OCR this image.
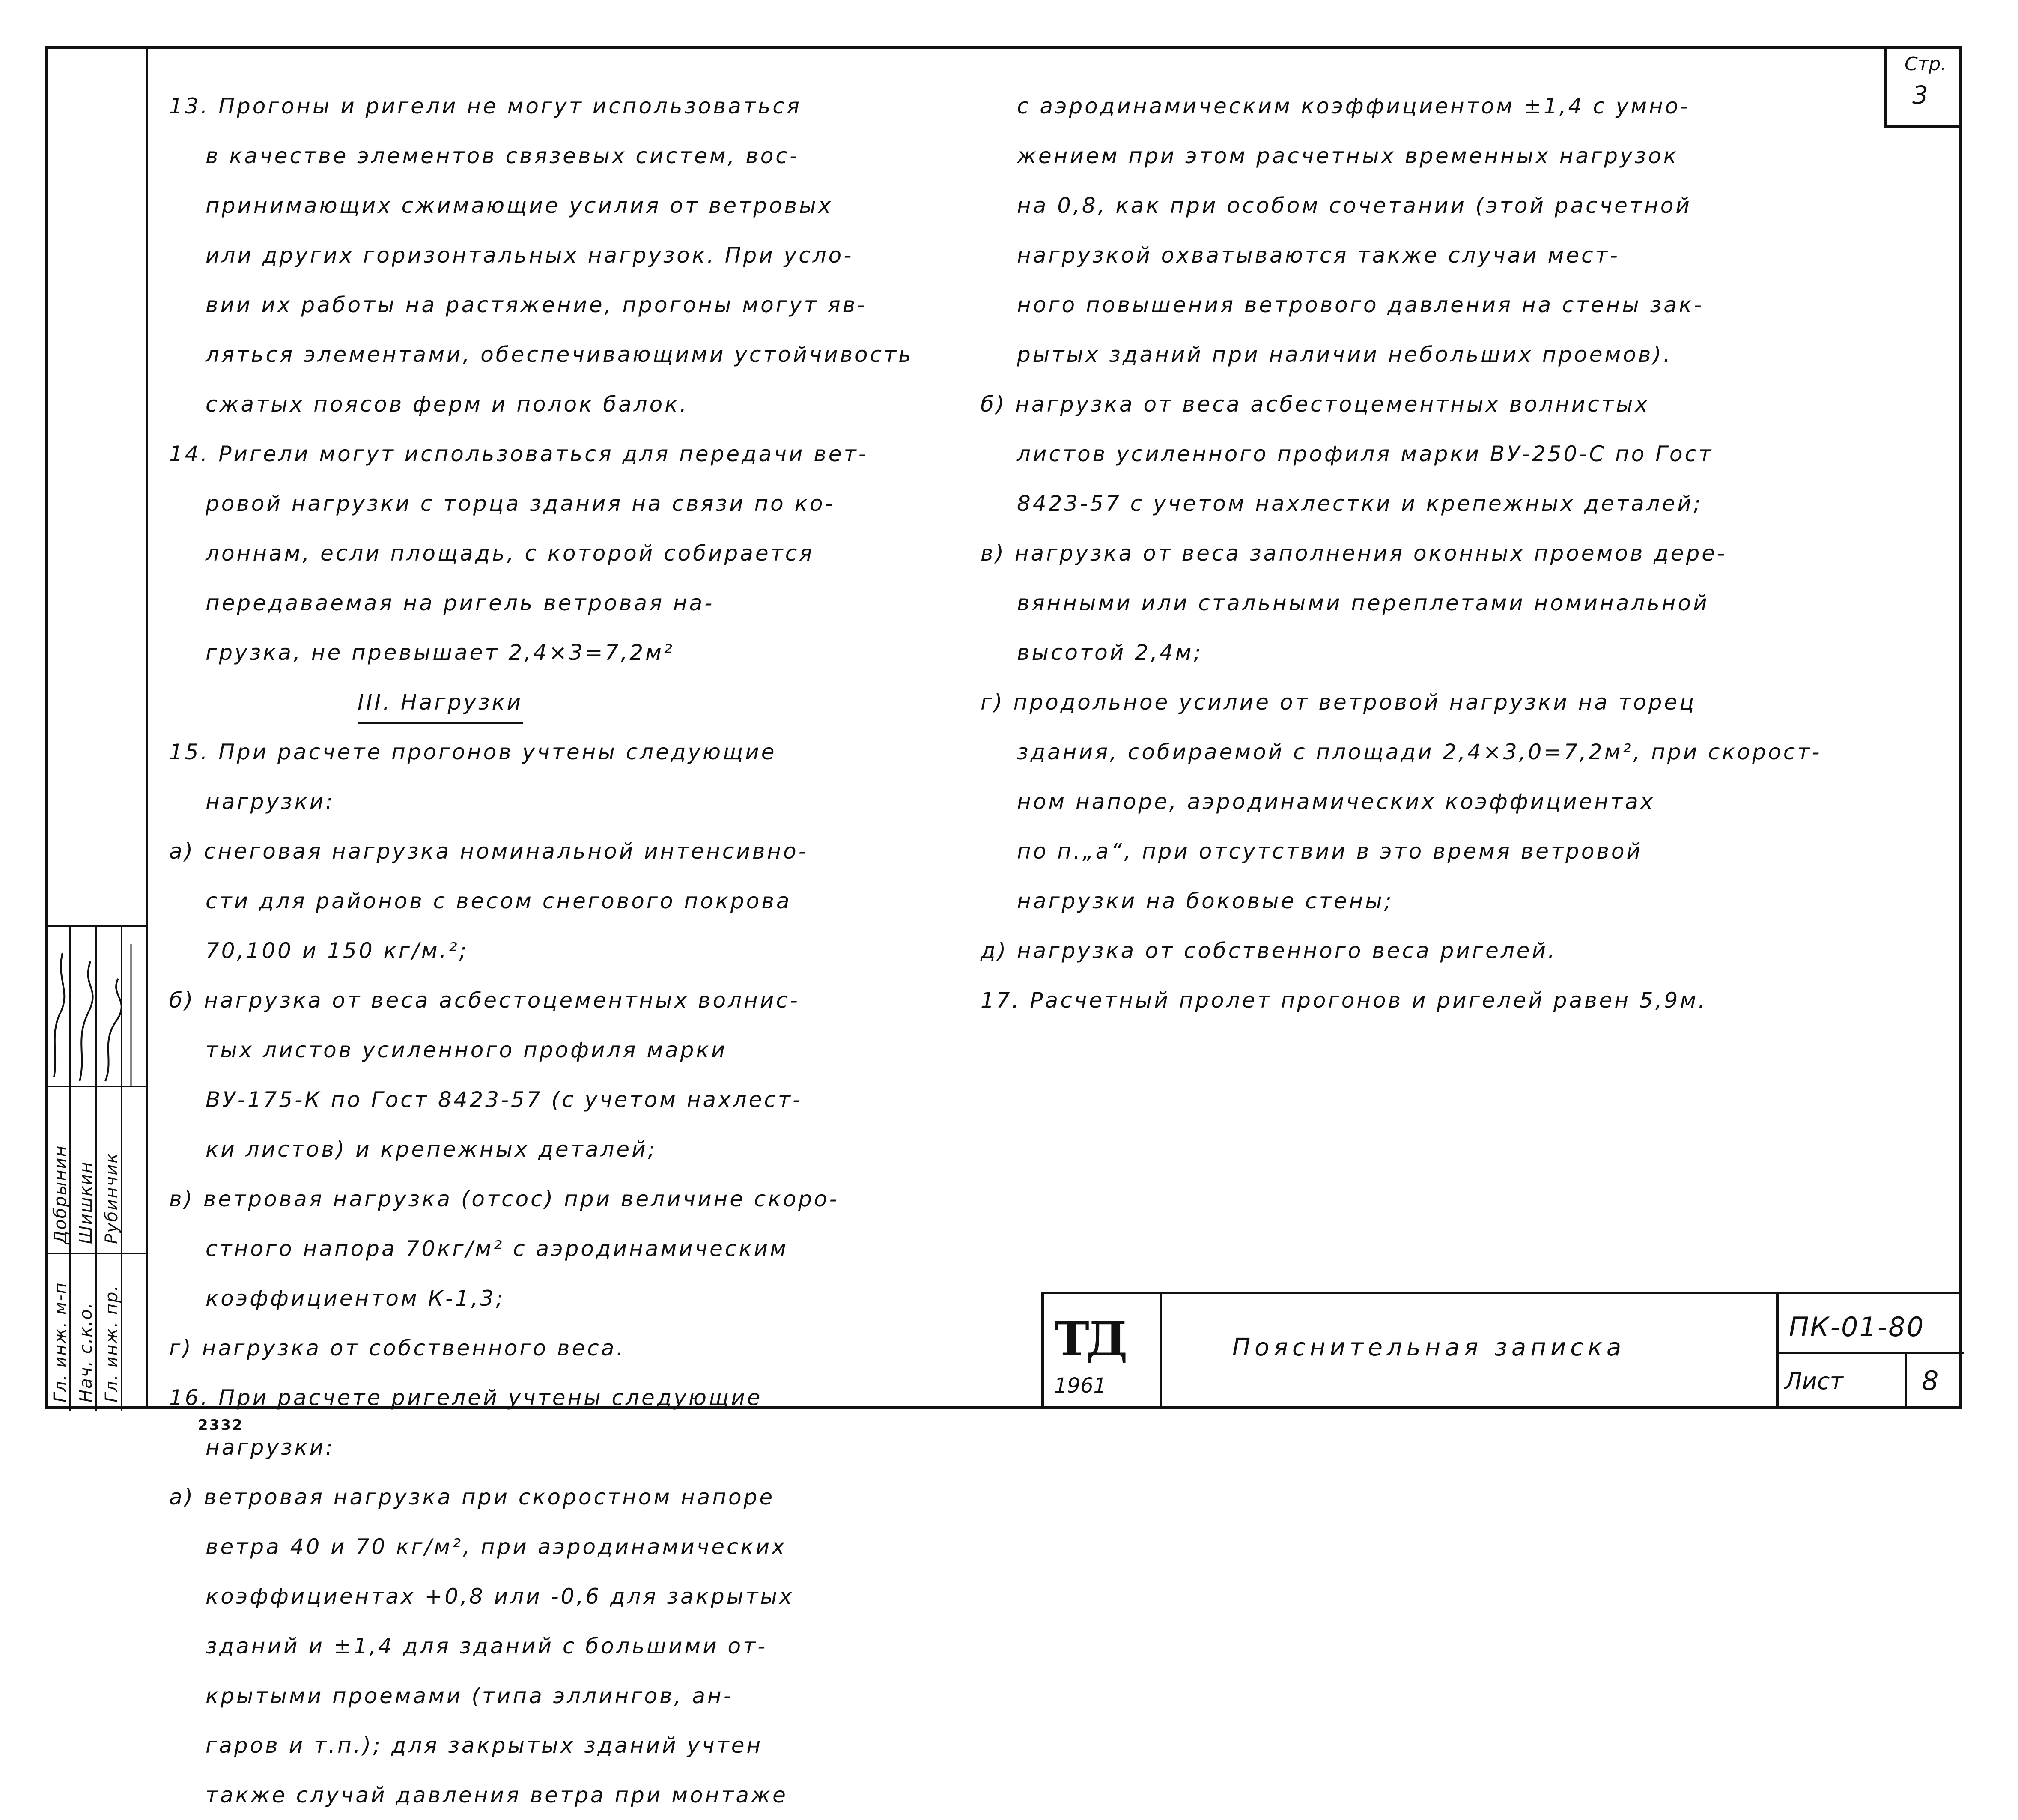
Стр.
3
13. Прогоны и ригели не могут использоваться
в качестве элементов связевых систем, вос-
принимающих сжимающие усилия от ветровых
или других горизонтальных нагрузок. При усло-
вии их работы на растяжение, прогоны могут яв-
ляться элементами, обеспечивающими устойчивость
сжатых поясов ферм и полок балок.
14. Ригели могут использоваться для передачи вет-
ровой нагрузки с торца здания на связи по ко-
лоннам, если площадь, с которой собирается
передаваемая на ригель ветровая на-
грузка, не превышает 2,4×3=7,2м²
III. Нагрузки
15. При расчете прогонов учтены следующие
нагрузки:
а) снеговая нагрузка номинальной интенсивно-
сти для районов с весом снегового покрова
70,100 и 150 кг/м.²;
б) нагрузка от веса асбестоцементных волнис-
тых листов усиленного профиля марки
ВУ-175-К по Гост 8423-57 (с учетом нахлест-
ки листов) и крепежных деталей;
в) ветровая нагрузка (отсос) при величине скоро-
стного напора 70кг/м² с аэродинамическим
коэффициентом К-1,3;
г) нагрузка от собственного веса.
16. При расчете ригелей учтены следующие
нагрузки:
а) ветровая нагрузка при скоростном напоре
ветра 40 и 70 кг/м², при аэродинамических
коэффициентах +0,8 или -0,6 для закрытых
зданий и ±1,4 для зданий с большими от-
крытыми проемами (типа эллингов, ан-
гаров и т.п.); для закрытых зданий учтен
также случай давления ветра при монтаже
с аэродинамическим коэффициентом ±1,4 с умно-
жением при этом расчетных временных нагрузок
на 0,8, как при особом сочетании (этой расчетной
нагрузкой охватываются также случаи мест-
ного повышения ветрового давления на стены зак-
рытых зданий при наличии небольших проемов).
б) нагрузка от веса асбестоцементных волнистых
листов усиленного профиля марки ВУ-250-С по Гост
8423-57 с учетом нахлестки и крепежных деталей;
в) нагрузка от веса заполнения оконных проемов дере-
вянными или стальными переплетами номинальной
высотой 2,4м;
г) продольное усилие от ветровой нагрузки на торец
здания, собираемой с площади 2,4×3,0=7,2м², при скорост-
ном напоре, аэродинамических коэффициентах
по п.„а“, при отсутствии в это время ветровой
нагрузки на боковые стены;
д) нагрузка от собственного веса ригелей.
17. Расчетный пролет прогонов и ригелей равен 5,9м.
Гл. инж. м-п
Добрынин
Нач. с.к.о.
Шишкин
Гл. инж. пр.
Рубинчик
2332
ТД
1961
Пояснительная записка
ПК-01-80
Лист	8
